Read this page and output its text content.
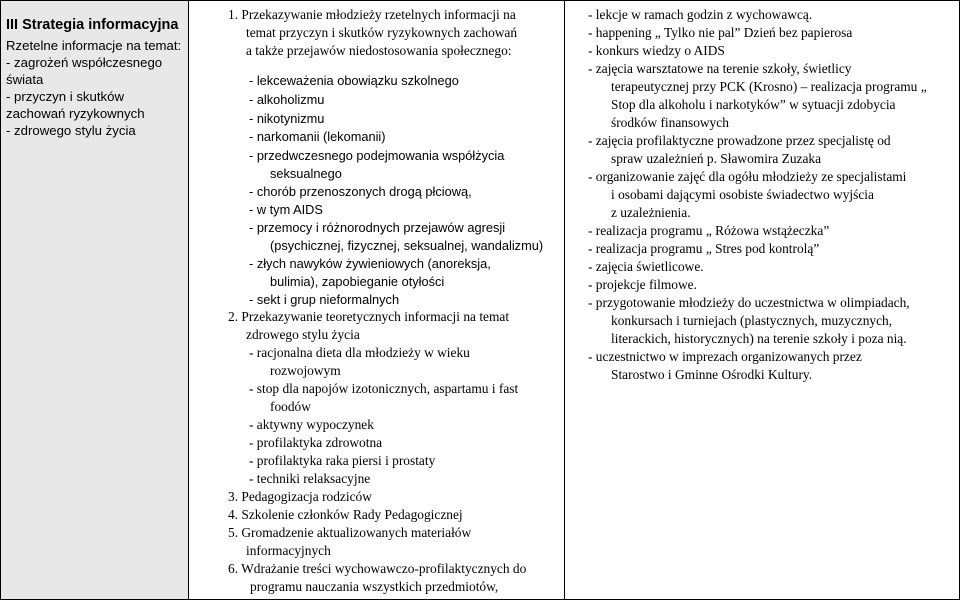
III Strategia informacyjna
Rzetelne informacje na temat:
- zagrożeń współczesnego
świata
- przyczyn i skutków
zachowań ryzykownych
- zdrowego stylu życia
1. Przekazywanie młodzieży rzetelnych informacji na
temat przyczyn i skutków ryzykownych zachowań
a także przejawów niedostosowania społecznego:
- lekceważenia obowiązku szkolnego
- alkoholizmu
- nikotynizmu
- narkomanii (lekomanii)
- przedwczesnego podejmowania współżycia
seksualnego
- chorób przenoszonych drogą płciową,
- w tym AIDS
- przemocy i różnorodnych przejawów agresji
(psychicznej, fizycznej, seksualnej, wandalizmu)
- złych nawyków żywieniowych (anoreksja,
bulimia), zapobieganie otyłości
- sekt i grup nieformalnych
2. Przekazywanie teoretycznych informacji na temat
zdrowego stylu życia
- racjonalna dieta dla młodzieży w wieku
rozwojowym
- stop dla napojów izotonicznych, aspartamu i fast
foodów
- aktywny wypoczynek
- profilaktyka zdrowotna
- profilaktyka raka piersi i prostaty
- techniki relaksacyjne
3. Pedagogizacja rodziców
4. Szkolenie członków Rady Pedagogicznej
5. Gromadzenie aktualizowanych materiałów
informacyjnych
6. Wdrażanie treści wychowawczo-profilaktycznych do
programu nauczania wszystkich przedmiotów,
- lekcje w ramach godzin z wychowawcą.
- happening „ Tylko nie pal” Dzień bez papierosa
- konkurs wiedzy o AIDS
- zajęcia warsztatowe na terenie szkoły, świetlicy
terapeutycznej przy PCK (Krosno) – realizacja programu „
Stop dla alkoholu i narkotyków” w sytuacji zdobycia
środków finansowych
- zajęcia profilaktyczne prowadzone przez specjalistę od
spraw uzależnień p. Sławomira Zuzaka
- organizowanie zajęć dla ogółu młodzieży ze specjalistami
i osobami dającymi osobiste świadectwo wyjścia
z uzależnienia.
- realizacja programu „ Różowa wstążeczka”
- realizacja programu „ Stres pod kontrolą”
- zajęcia świetlicowe.
- projekcje filmowe.
- przygotowanie młodzieży do uczestnictwa w olimpiadach,
konkursach i turniejach (plastycznych, muzycznych,
literackich, historycznych) na terenie szkoły i poza nią.
- uczestnictwo w imprezach organizowanych przez
Starostwo i Gminne Ośrodki Kultury.
